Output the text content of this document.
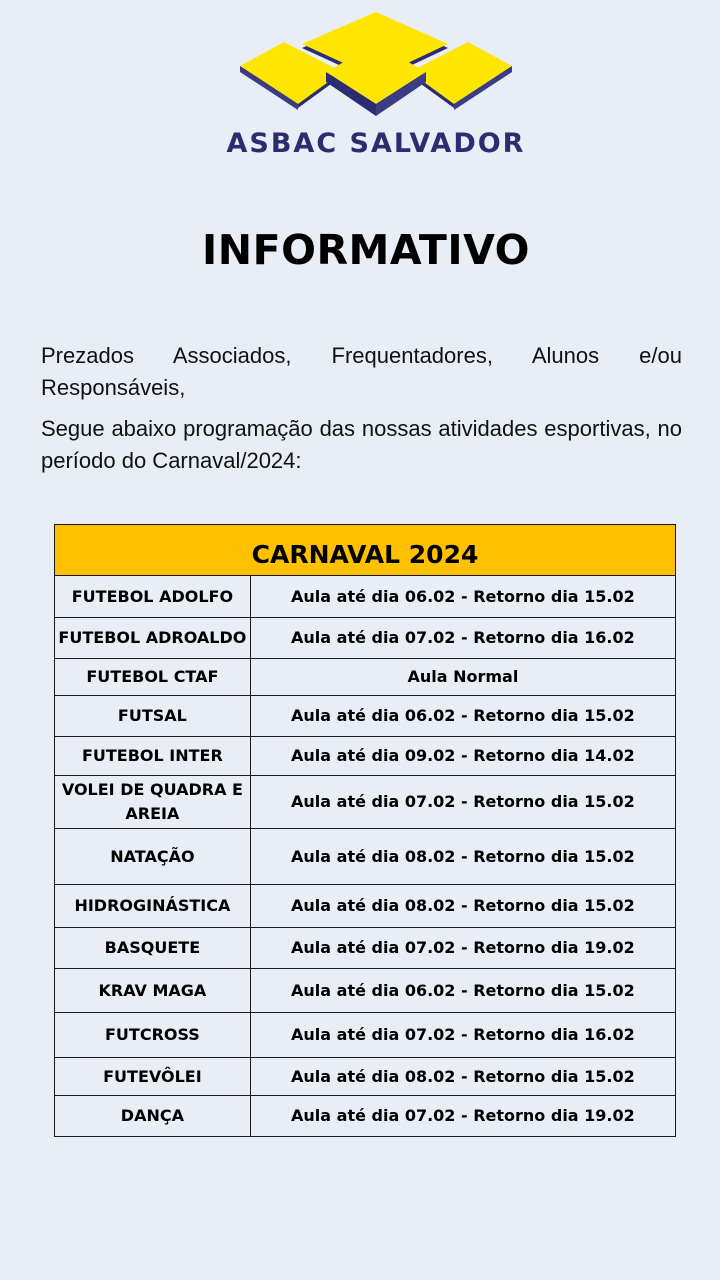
ASBAC SALVADOR
INFORMATIVO
Prezados Associados, Frequentadores, Alunos e/ou Responsáveis,
Segue abaixo programação das nossas atividades esportivas, no período do Carnaval/2024:
CARNAVAL 2024	
FUTEBOL ADOLFO	Aula até dia 06.02 - Retorno dia 15.02
FUTEBOL ADROALDO	Aula até dia 07.02 - Retorno dia 16.02
FUTEBOL CTAF	Aula Normal
FUTSAL	Aula até dia 06.02 - Retorno dia 15.02
FUTEBOL INTER	Aula até dia 09.02 - Retorno dia 14.02
VOLEI DE QUADRA E AREIA	Aula até dia 07.02 - Retorno dia 15.02
NATAÇÃO	Aula até dia 08.02 - Retorno dia 15.02
HIDROGINÁSTICA	Aula até dia 08.02 - Retorno dia 15.02
BASQUETE	Aula até dia 07.02 - Retorno dia 19.02
KRAV MAGA	Aula até dia 06.02 - Retorno dia 15.02
FUTCROSS	Aula até dia 07.02 - Retorno dia 16.02
FUTEVÔLEI	Aula até dia 08.02 - Retorno dia 15.02
DANÇA	Aula até dia 07.02 - Retorno dia 19.02
